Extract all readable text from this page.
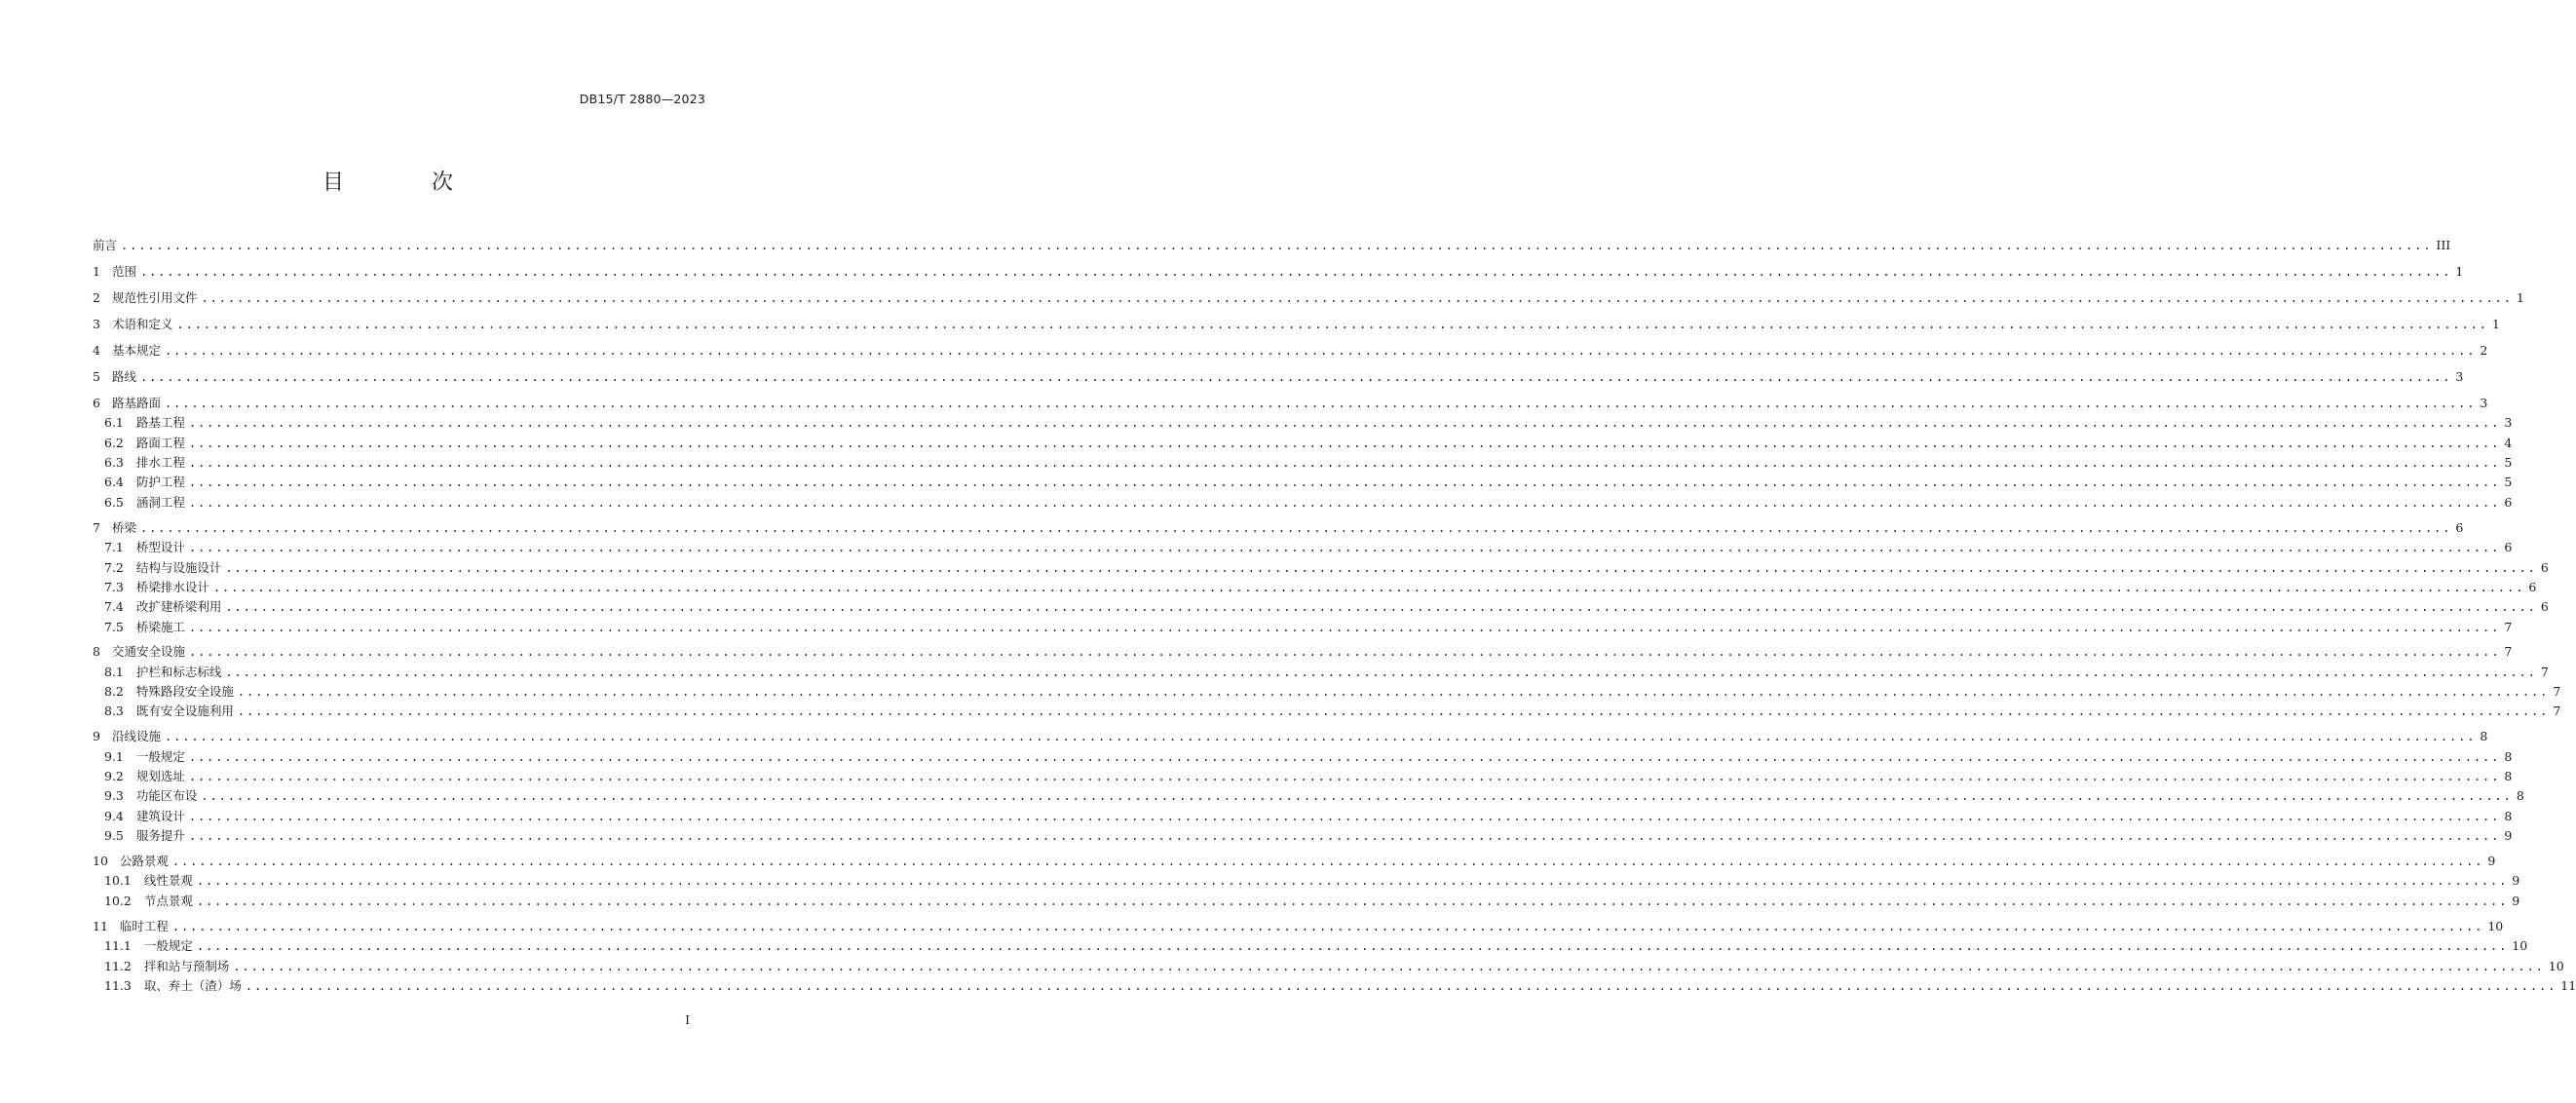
DB15/T 2880—2023
目　次
前言 .................................................................................................................................................................................................................................................................... III
1 范围 .................................................................................................................................................................................................................................................................... 1
2 规范性引用文件 .................................................................................................................................................................................................................................................................... 1
3 术语和定义 .................................................................................................................................................................................................................................................................... 1
4 基本规定 .................................................................................................................................................................................................................................................................... 2
5 路线 .................................................................................................................................................................................................................................................................... 3
6 路基路面 .................................................................................................................................................................................................................................................................... 3
6.1 路基工程 .................................................................................................................................................................................................................................................................... 3
6.2 路面工程 .................................................................................................................................................................................................................................................................... 4
6.3 排水工程 .................................................................................................................................................................................................................................................................... 5
6.4 防护工程 .................................................................................................................................................................................................................................................................... 5
6.5 涵洞工程 .................................................................................................................................................................................................................................................................... 6
7 桥梁 .................................................................................................................................................................................................................................................................... 6
7.1 桥型设计 .................................................................................................................................................................................................................................................................... 6
7.2 结构与设施设计 .................................................................................................................................................................................................................................................................... 6
7.3 桥梁排水设计 .................................................................................................................................................................................................................................................................... 6
7.4 改扩建桥梁利用 .................................................................................................................................................................................................................................................................... 6
7.5 桥梁施工 .................................................................................................................................................................................................................................................................... 7
8 交通安全设施 .................................................................................................................................................................................................................................................................... 7
8.1 护栏和标志标线 .................................................................................................................................................................................................................................................................... 7
8.2 特殊路段安全设施 .................................................................................................................................................................................................................................................................... 7
8.3 既有安全设施利用 .................................................................................................................................................................................................................................................................... 7
9 沿线设施 .................................................................................................................................................................................................................................................................... 8
9.1 一般规定 .................................................................................................................................................................................................................................................................... 8
9.2 规划选址 .................................................................................................................................................................................................................................................................... 8
9.3 功能区布设 .................................................................................................................................................................................................................................................................... 8
9.4 建筑设计 .................................................................................................................................................................................................................................................................... 8
9.5 服务提升 .................................................................................................................................................................................................................................................................... 9
10 公路景观 .................................................................................................................................................................................................................................................................... 9
10.1 线性景观 .................................................................................................................................................................................................................................................................... 9
10.2 节点景观 .................................................................................................................................................................................................................................................................... 9
11 临时工程 .................................................................................................................................................................................................................................................................... 10
11.1 一般规定 .................................................................................................................................................................................................................................................................... 10
11.2 拌和站与预制场 .................................................................................................................................................................................................................................................................... 10
11.3 取、弃土（渣）场 .................................................................................................................................................................................................................................................................... 11
I
